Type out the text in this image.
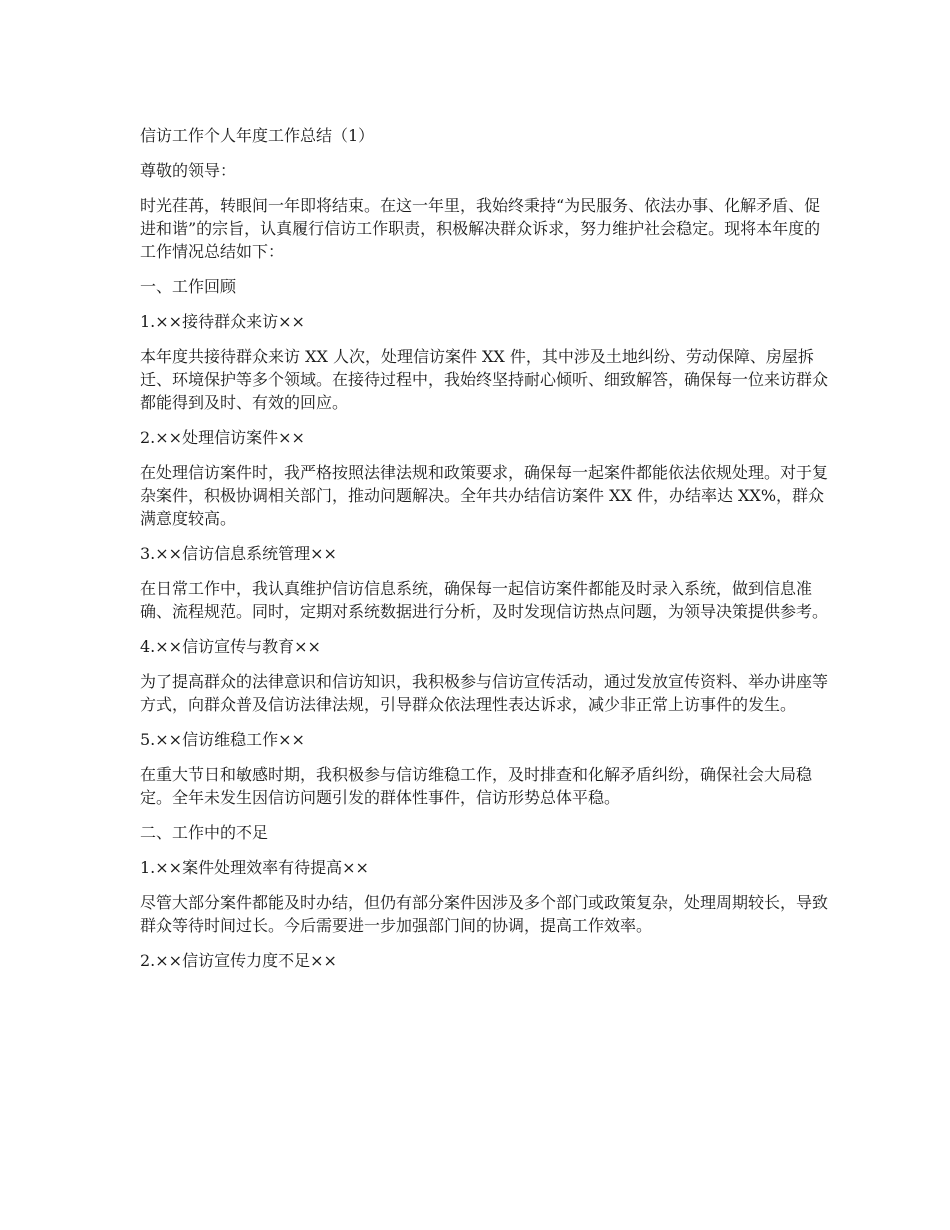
信访工作个人年度工作总结（1）

尊敬的领导：

时光荏苒，转眼间一年即将结束。在这一年里，我始终秉持“为民服务、依法办事、化解矛盾、促进和谐”的宗旨，认真履行信访工作职责，积极解决群众诉求，努力维护社会稳定。现将本年度的工作情况总结如下：

一、工作回顾

1.××接待群众来访××

本年度共接待群众来访 XX 人次，处理信访案件 XX 件，其中涉及土地纠纷、劳动保障、房屋拆迁、环境保护等多个领域。在接待过程中，我始终坚持耐心倾听、细致解答，确保每一位来访群众都能得到及时、有效的回应。

2.××处理信访案件××

在处理信访案件时，我严格按照法律法规和政策要求，确保每一起案件都能依法依规处理。对于复杂案件，积极协调相关部门，推动问题解决。全年共办结信访案件 XX 件，办结率达 XX%，群众满意度较高。

3.××信访信息系统管理××

在日常工作中，我认真维护信访信息系统，确保每一起信访案件都能及时录入系统，做到信息准确、流程规范。同时，定期对系统数据进行分析，及时发现信访热点问题，为领导决策提供参考。

4.××信访宣传与教育××

为了提高群众的法律意识和信访知识，我积极参与信访宣传活动，通过发放宣传资料、举办讲座等方式，向群众普及信访法律法规，引导群众依法理性表达诉求，减少非正常上访事件的发生。

5.××信访维稳工作××

在重大节日和敏感时期，我积极参与信访维稳工作，及时排查和化解矛盾纠纷，确保社会大局稳定。全年未发生因信访问题引发的群体性事件，信访形势总体平稳。

二、工作中的不足

1.××案件处理效率有待提高××

尽管大部分案件都能及时办结，但仍有部分案件因涉及多个部门或政策复杂，处理周期较长，导致群众等待时间过长。今后需要进一步加强部门间的协调，提高工作效率。

2.××信访宣传力度不足××
